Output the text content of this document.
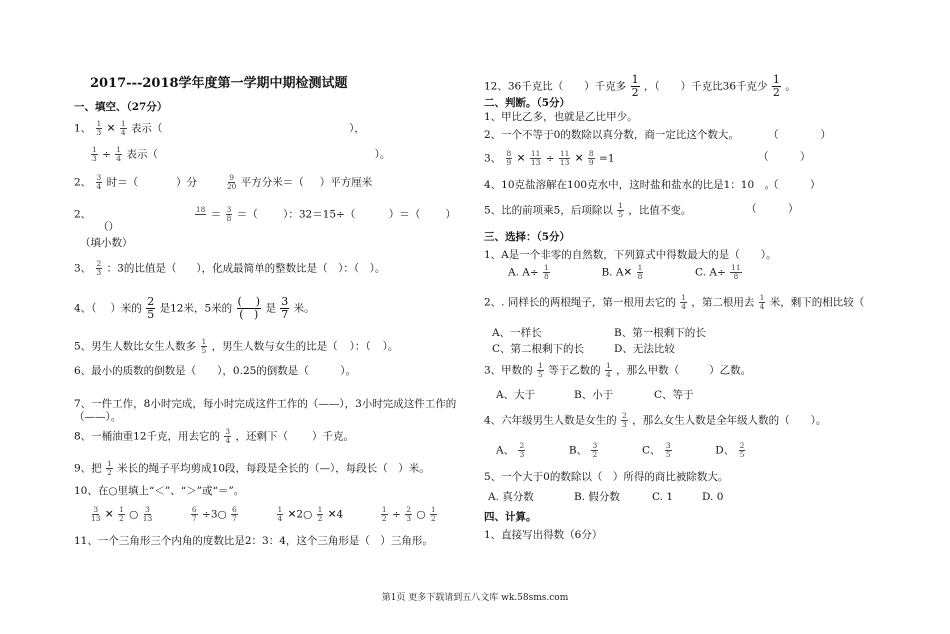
2017---2018学年度第一学期中期检测试题
一、填空、（27分）
1、 $\frac{1}{3}$ ✕ $\frac{1}{4}$ 表示（	），
$\frac{1}{3} \div \frac{1}{4}$ 表示（	）。
2、 $\frac{3}{4}$ 时＝（	）分	$\frac{9}{20}$ 平方分米＝（ ）平方厘米
2、	18
＝ $\frac{3}{8}$ ＝（ ）：32＝15÷（	）＝（ ）
（）
（填小数）
3、 $\frac{2}{3}$ ：3的比值是（ ），化成最简单的整数比是（　）：（　）。
4、（ ）米的 $\frac{2}{5}$ 是12米，5米的 $\frac{( )}{( )}$ 是 $\frac{3}{7}$ 米。
5、男生人数比女生人数多 $\frac{1}{5}$ ，男生人数与女生的比是（ ）：（ ）。
6、最小的质数的倒数是（　　），0.25的倒数是（　　　）。
7、一件工作，8小时完成，每小时完成这件工作的（——），3小时完成这件工作的
（——）。
8、一桶油重12千克，用去它的 $\frac{3}{4}$ ，还剩下（ ）千克。
9、把 $\frac{1}{2}$ 米长的绳子平均剪成10段，每段是全长的（—），每段长（　）米。
10、在○里填上“＜”、“＞”或“＝”。
$\frac{3}{13}$ ✕ $\frac{1}{2}$ ○ $\frac{3}{13}$
	$\frac{6}{7}$ ÷3○ $\frac{6}{7}$
	$\frac{1}{4}$ ✕2○ $\frac{1}{2}$ ✕4	$\frac{1}{2} \div \frac{2}{3}$ ○ $\frac{1}{2}$
11、一个三角形三个内角的度数比是2：3：4，这个三角形是（　）三角形。
12、36千克比（　　）千克多 $\frac{1}{2}$ ，（　　）千克比36千克少 $\frac{1}{2}$ 。
二、判断。（5分）
1、甲比乙多，也就是乙比甲少。
2、一个不等于0的数除以真分数，商一定比这个数大。	（　　　　）
3、 $\frac{8}{9}$ ✕ $\frac{11}{13} \div \frac{11}{13}$ ✕ $\frac{8}{9} =1$	（　　　）
4、10克盐溶解在100克水中，这时盐和盐水的比是1：10　。
（　　　）
5、比的前项乘5，后项除以 $\frac{1}{5}$ ，比值不变。	（　　　）
三、选择：（5分）
1、A是一个非零的自然数，下列算式中得数最大的是（　　）。
A. $A\div \frac{1}{8}$	B. A✕ $\frac{1}{8}$	C. $A\div \frac{11}{8}$
2、. 同样长的两根绳子，第一根用去它的 $\frac{1}{4}$ ，第二根用去 $\frac{1}{4}$ 米，剩下的相比较（
A、一样长	B、第一根剩下的长
C、第二根剩下的长	D、无法比较
3、甲数的 $\frac{1}{5}$ 等于乙数的 $\frac{1}{4}$ ，那么甲数（	）乙数。
A、大于	B、小于	C、等于
4、六年级男生人数是女生的 $\frac{2}{3}$ ，那么女生人数是全年级人数的（　　）。
A、 $\frac{2}{3}$	B、 $\frac{3}{2}$	C、 $\frac{3}{5}$	D、 $\frac{2}{5}$
5、一个大于0的数除以（　）所得的商比被除数大。
A. 真分数	B. 假分数	C. 1	D. 0
四、计算。
1、直接写出得数（6分）
第1页 更多下载请到五八文库 wk.58sms.com
